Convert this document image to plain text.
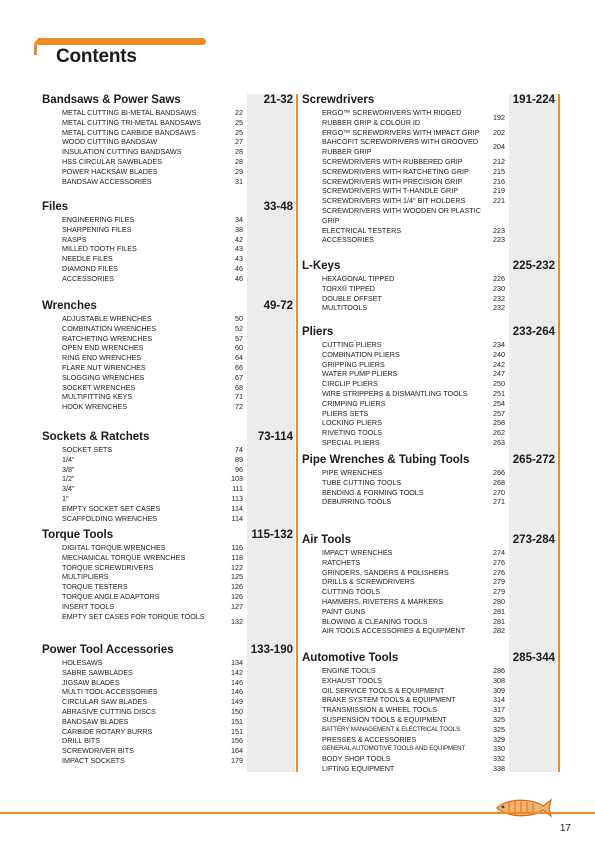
Contents
Bandsaws & Power Saws	21-32
METAL CUTTING BI-METAL BANDSAWS	22
METAL CUTTING TRI-METAL BANDSAWS	25
METAL CUTTING CARBIDE BANDSAWS	25
WOOD CUTTING BANDSAW	27
INSULATION CUTTING BANDSAWS	28
HSS CIRCULAR SAWBLADES	28
POWER HACKSAW BLADES	29
BANDSAW ACCESSORIES	31
Files	33-48
ENGINEERING FILES	34
SHARPENING FILES	38
RASPS	42
MILLED TOOTH FILES	43
NEEDLE FILES	43
DIAMOND FILES	46
ACCESSORIES	46
Wrenches	49-72
ADJUSTABLE WRENCHES	50
COMBINATION WRENCHES	52
RATCHETING WRENCHES	57
OPEN END WRENCHES	60
RING END WRENCHES	64
FLARE NUT WRENCHES	66
SLOGGING WRENCHES	67
SOCKET WRENCHES	68
MULTIFITTING KEYS	71
HOOK WRENCHES	72
Sockets & Ratchets	73-114
SOCKET SETS	74
1/4"	89
3/8"	96
1/2"	103
3/4"	111
1"	113
EMPTY SOCKET SET CASES	114
SCAFFOLDING WRENCHES	114
Torque Tools	115-132
DIGITAL TORQUE WRENCHES	116
MECHANICAL TORQUE WRENCHES	118
TORQUE SCREWDRIVERS	122
MULTIPLIERS	125
TORQUE TESTERS	126
TORQUE ANGLE ADAPTORS	126
INSERT TOOLS	127
EMPTY SET CASES FOR TORQUE TOOLS
132
Power Tool Accessories	133-190
HOLESAWS	134
SABRE SAWBLADES	142
JIGSAW BLADES	146
MULTI TOOL ACCESSORIES	146
CIRCULAR SAW BLADES	149
ABRASIVE CUTTING DISCS	150
BANDSAW BLADES	151
CARBIDE ROTARY BURRS	151
DRILL BITS	156
SCREWDRIVER BITS	164
IMPACT SOCKETS	179
Screwdrivers	191-224
ERGO™ SCREWDRIVERS WITH RIDGED RUBBER GRIP & COLOUR ID
192
ERGO™ SCREWDRIVERS WITH IMPACT GRIP	202
BAHCOFIT SCREWDRIVERS WITH GROOVED RUBBER GRIP
204
SCREWDRIVERS WITH RUBBERED GRIP	212
SCREWDRIVERS WITH RATCHETING GRIP	215
SCREWDRIVERS WITH PRECISION GRIP	216
SCREWDRIVERS WITH T-HANDLE GRIP	219
SCREWDRIVERS WITH 1/4" BIT HOLDERS	221
SCREWDRIVERS WITH WOODEN OR PLASTIC GRIP
ELECTRICAL TESTERS	223
ACCESSORIES	223
L-Keys	225-232
HEXAGONAL TIPPED	226
TORX® TIPPED	230
DOUBLE OFFSET	232
MULTITOOLS	232
Pliers	233-264
CUTTING PLIERS	234
COMBINATION PLIERS	240
GRIPPING PLIERS	242
WATER PUMP PLIERS	247
CIRCLIP PLIERS	250
WIRE STRIPPERS & DISMANTLING TOOLS	251
CRIMPING PLIERS	254
PLIERS SETS	257
LOCKING PLIERS	258
RIVETING TOOLS	262
SPECIAL PLIERS	263
Pipe Wrenches & Tubing Tools	265-272
PIPE WRENCHES	266
TUBE CUTTING TOOLS	268
BENDING & FORMING TOOLS	270
DEBURRING TOOLS	271
Air Tools	273-284
IMPACT WRENCHES	274
RATCHETS	276
GRINDERS, SANDERS & POLISHERS	276
DRILLS & SCREWDRIVERS	279
CUTTING TOOLS	279
HAMMERS, RIVETERS & MARKERS	280
PAINT GUNS	281
BLOWING & CLEANING TOOLS	281
AIR TOOLS ACCESSORIES & EQUIPMENT	282
Automotive Tools	285-344
ENGINE TOOLS	286
EXHAUST TOOLS	308
OIL SERVICE TOOLS & EQUIPMENT	309
BRAKE SYSTEM TOOLS & EQUIPMENT	314
TRANSMISSION & WHEEL TOOLS	317
SUSPENSION TOOLS & EQUIPMENT	325
BATTERY MANAGEMENT & ELECTRICAL TOOLS	325
PRESSES & ACCESSORIES	329
GENERAL AUTOMOTIVE TOOLS AND EQUIPMENT	330
BODY SHOP TOOLS	332
LIFTING EQUIPMENT	338
17
